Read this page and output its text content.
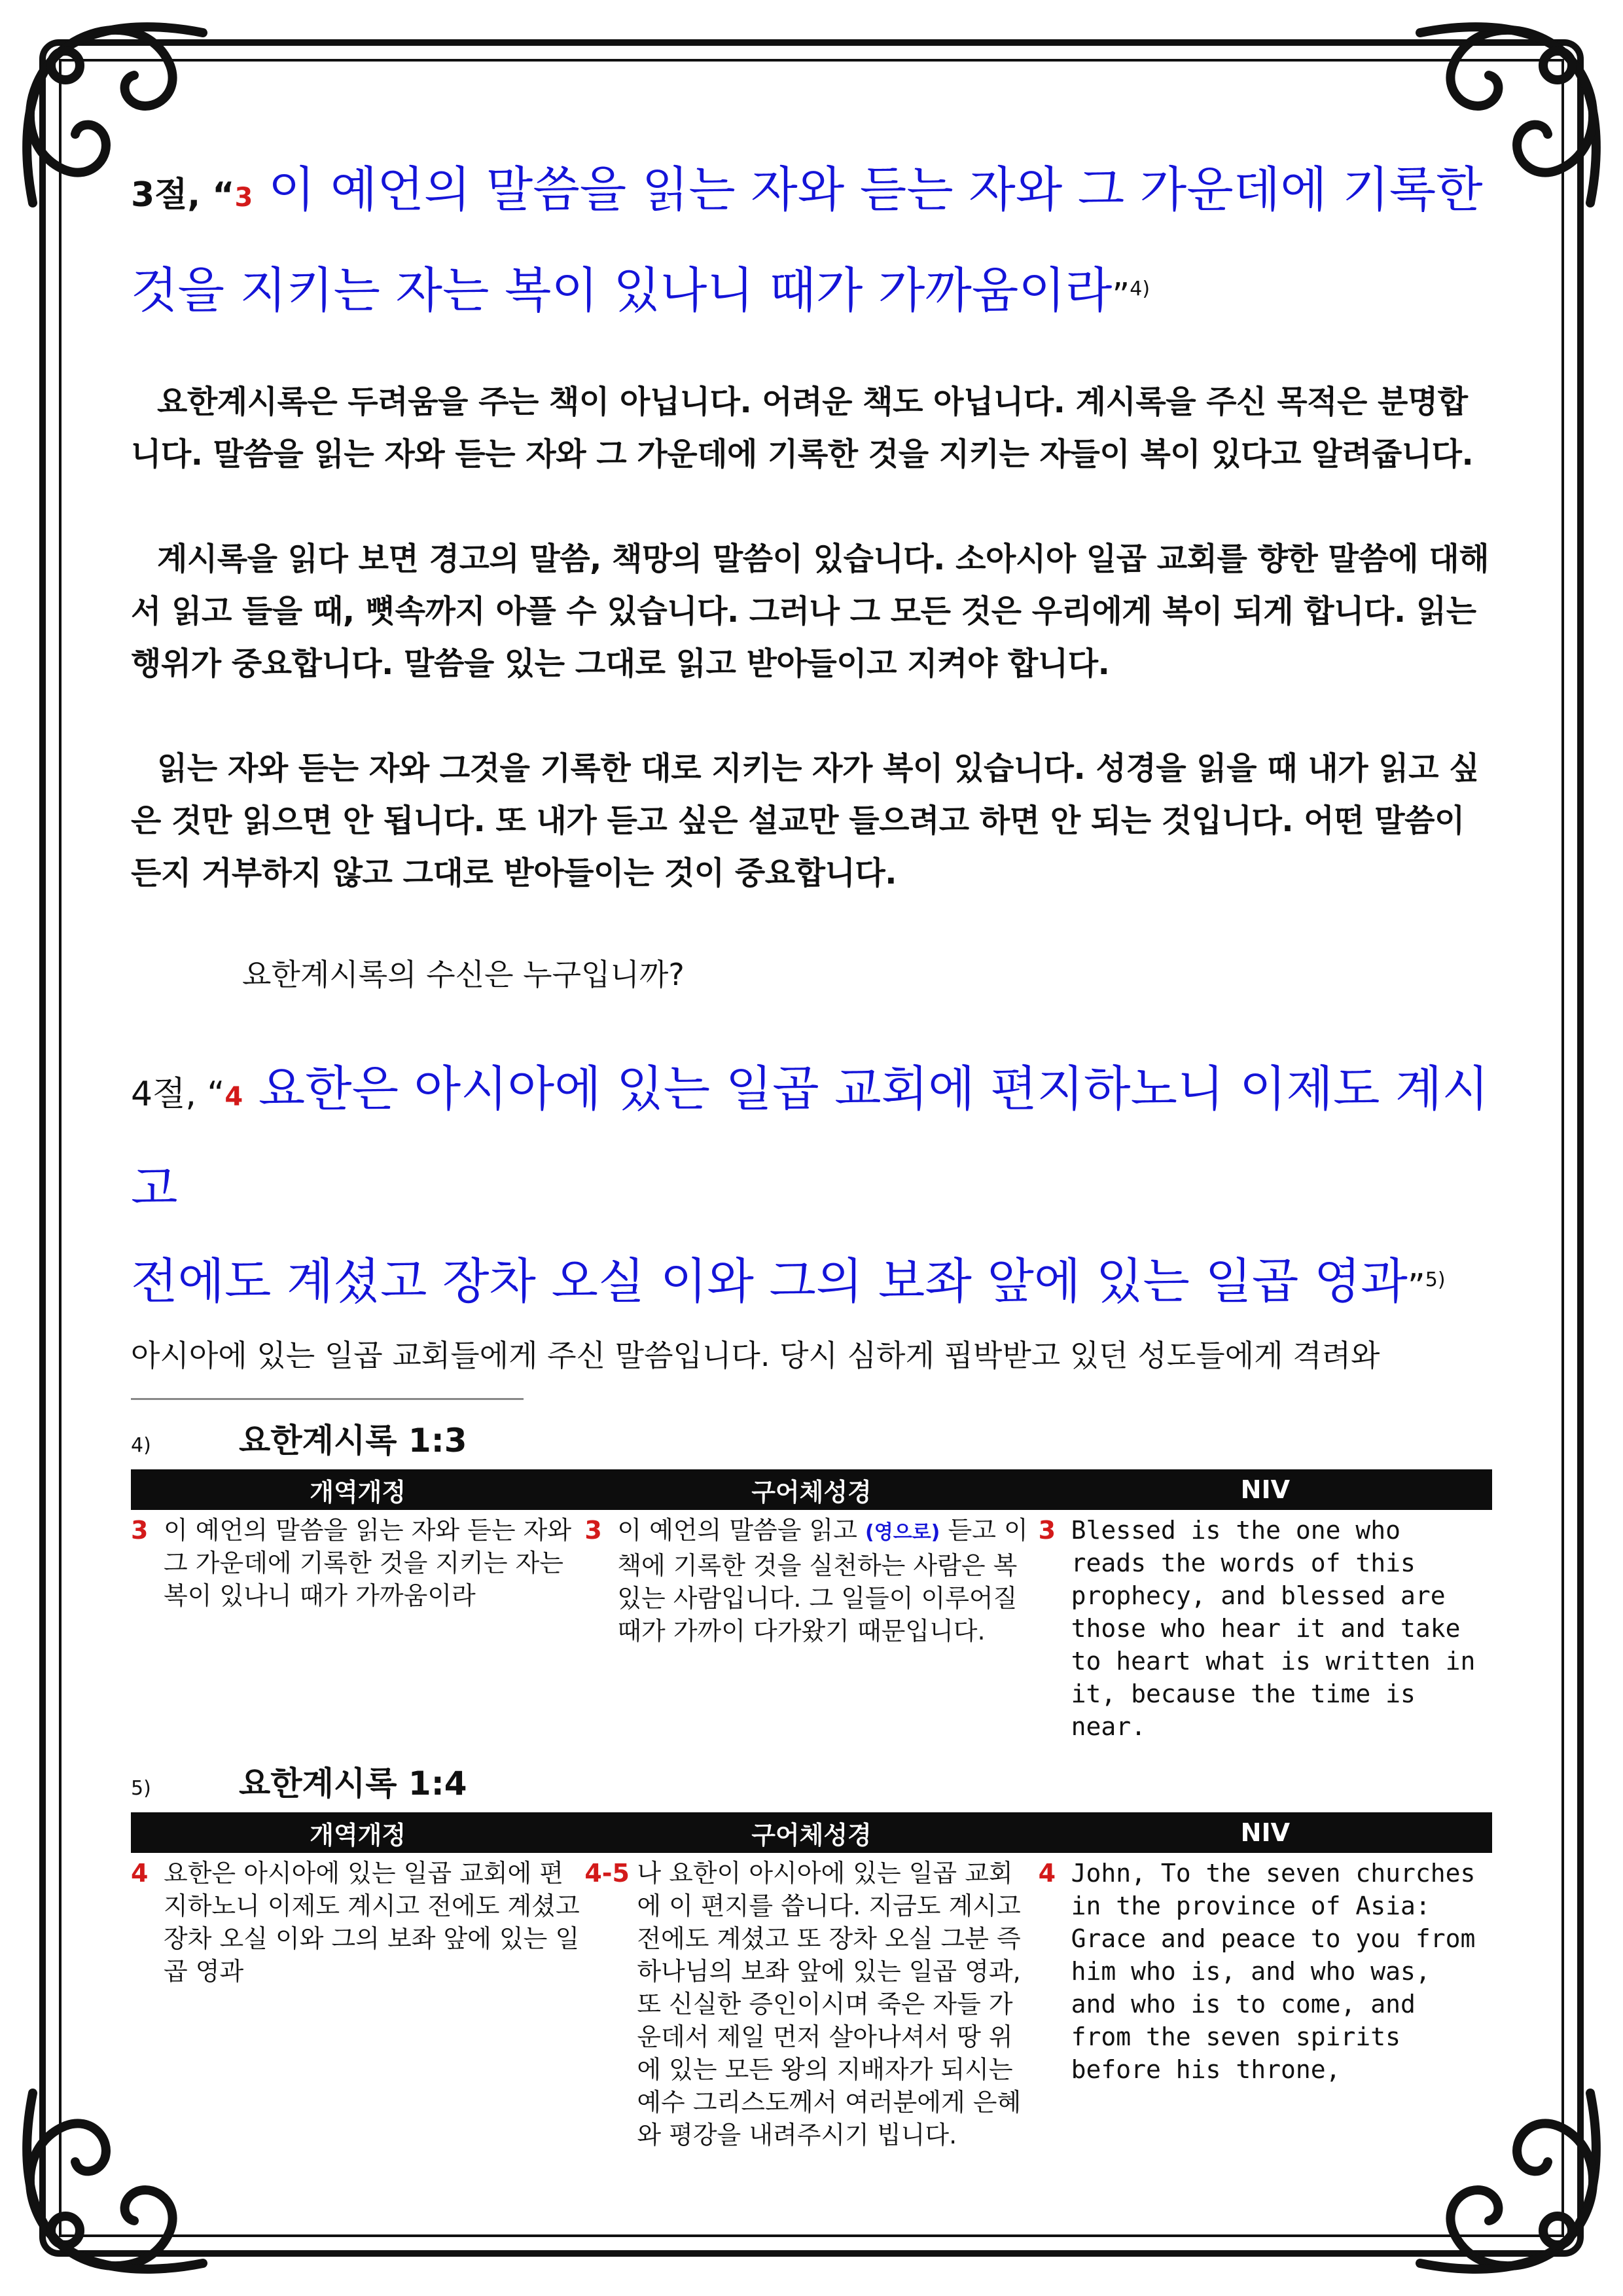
3절, “3 이 예언의 말씀을 읽는 자와 듣는 자와 그 가운데에 기록한
것을 지키는 자는 복이 있나니 때가 가까움이라”$^{4)}$

요한계시록은 두려움을 주는 책이 아닙니다. 어려운 책도 아닙니다. 계시록을 주신 목적은 분명합니다. 말씀을 읽는 자와 듣는 자와 그 가운데에 기록한 것을 지키는 자들이 복이 있다고 알려줍니다.

계시록을 읽다 보면 경고의 말씀, 책망의 말씀이 있습니다. 소아시아 일곱 교회를 향한 말씀에 대해서 읽고 들을 때, 뼛속까지 아플 수 있습니다. 그러나 그 모든 것은 우리에게 복이 되게 합니다. 읽는 행위가 중요합니다. 말씀을 있는 그대로 읽고 받아들이고 지켜야 합니다.

읽는 자와 듣는 자와 그것을 기록한 대로 지키는 자가 복이 있습니다. 성경을 읽을 때 내가 읽고 싶은 것만 읽으면 안 됩니다. 또 내가 듣고 싶은 설교만 들으려고 하면 안 되는 것입니다. 어떤 말씀이든지 거부하지 않고 그대로 받아들이는 것이 중요합니다.

요한계시록의 수신은 누구입니까?
4절, “4 요한은 아시아에 있는 일곱 교회에 편지하노니 이제도 계시고
전에도 계셨고 장차 오실 이와 그의 보좌 앞에 있는 일곱 영과”$^{5)}$
아시아에 있는 일곱 교회들에게 주신 말씀입니다. 당시 심하게 핍박받고 있던 성도들에게 격려와
4)	요한계시록 1:3
개역개정	구어체성경	NIV

3 이 예언의 말씀을 읽는 자와 듣는 자와 그 가운데에 기록한 것을 지키는 자는 복이 있나니 때가 가까움이라	3 이 예언의 말씀을 읽고 (영으로) 듣고 이 책에 기록한 것을 실천하는 사람은 복 있는 사람입니다. 그 일들이 이루어질 때가 가까이 다가왔기 때문입니다.	3 Blessed is the one who reads the words of this prophecy, and blessed are those who hear it and take to heart what is written in it, because the time is near.
5)	요한계시록 1:4
개역개정	구어체성경	NIV

4 요한은 아시아에 있는 일곱 교회에 편지하노니 이제도 계시고 전에도 계셨고 장차 오실 이와 그의 보좌 앞에 있는 일곱 영과	4-5 나 요한이 아시아에 있는 일곱 교회에 이 편지를 씁니다. 지금도 계시고 전에도 계셨고 또 장차 오실 그분 즉 하나님의 보좌 앞에 있는 일곱 영과, 또 신실한 증인이시며 죽은 자들 가운데서 제일 먼저 살아나셔서 땅 위에 있는 모든 왕의 지배자가 되시는 예수 그리스도께서 여러분에게 은혜와 평강을 내려주시기 빕니다.	4 John, To the seven churches in the province of Asia: Grace and peace to you from him who is, and who was, and who is to come, and from the seven spirits before his throne,
